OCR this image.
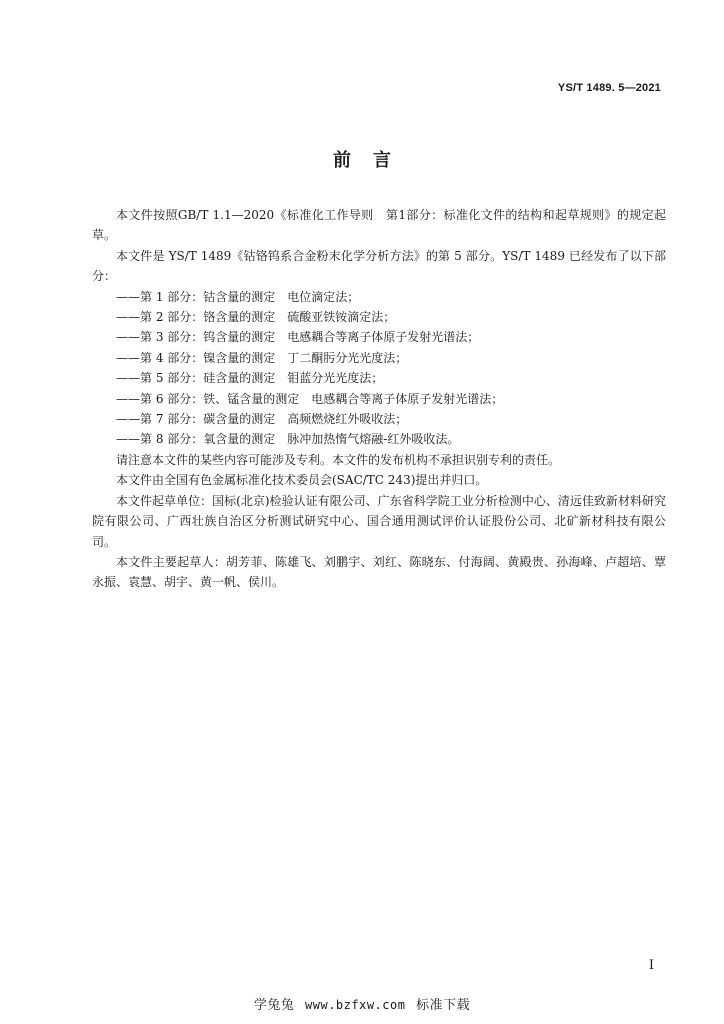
YS/T 1489. 5—2021
前言

本文件按照GB/T 1.1—2020《标准化工作导则　第1部分：标准化文件的结构和起草规则》的规定起草。

本文件是 YS/T 1489《钴铬钨系合金粉末化学分析方法》的第 5 部分。YS/T 1489 已经发布了以下部分：

——第 1 部分：钴含量的测定 电位滴定法；
——第 2 部分：铬含量的测定 硫酸亚铁铵滴定法；
——第 3 部分：钨含量的测定 电感耦合等离子体原子发射光谱法；
——第 4 部分：镍含量的测定 丁二酮肟分光光度法；
——第 5 部分：硅含量的测定 钼蓝分光光度法；
——第 6 部分：铁、锰含量的测定 电感耦合等离子体原子发射光谱法；
——第 7 部分：碳含量的测定 高频燃烧红外吸收法；
——第 8 部分：氧含量的测定 脉冲加热惰气熔融-红外吸收法。

请注意本文件的某些内容可能涉及专利。本文件的发布机构不承担识别专利的责任。

本文件由全国有色金属标准化技术委员会(SAC/TC 243)提出并归口。

本文件起草单位：国标(北京)检验认证有限公司、广东省科学院工业分析检测中心、清远佳致新材料研究院有限公司、广西壮族自治区分析测试研究中心、国合通用测试评价认证股份公司、北矿新材科技有限公司。

本文件主要起草人：胡芳菲、陈雄飞、刘鹏宇、刘红、陈晓东、付海阔、黄殿贵、孙海峰、卢超培、覃永振、袁慧、胡宇、黄一帆、侯川。

I
学兔兔 www.bzfxw.com 标准下载
